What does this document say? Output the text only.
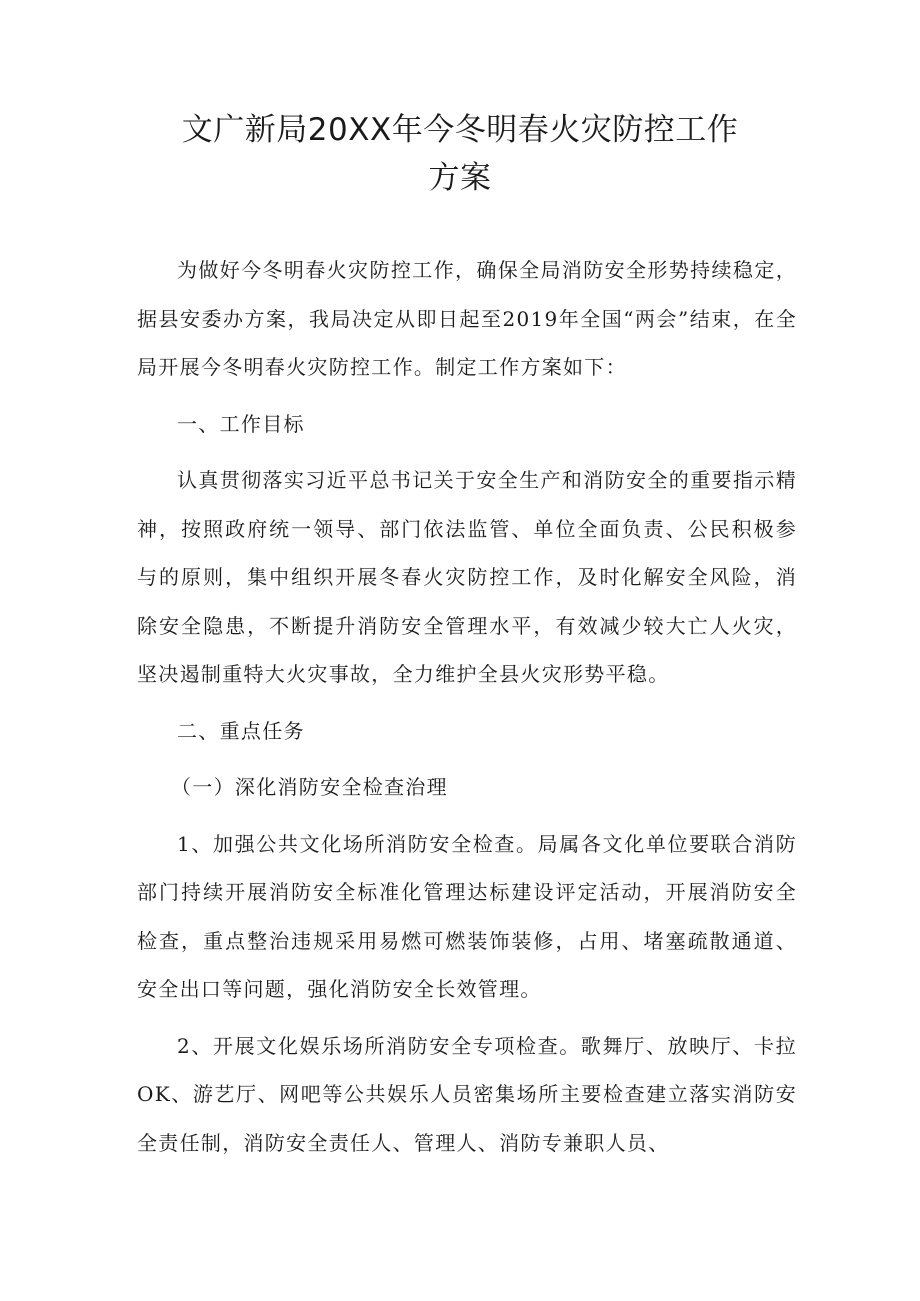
文广新局20XX年今冬明春火灾防控工作
方案

为做好今冬明春火灾防控工作，确保全局消防安全形势持续稳定，据县安委办方案，我局决定从即日起至2019年全国“两会”结束，在全局开展今冬明春火灾防控工作。制定工作方案如下：

一、工作目标

认真贯彻落实习近平总书记关于安全生产和消防安全的重要指示精神，按照政府统一领导、部门依法监管、单位全面负责、公民积极参与的原则，集中组织开展冬春火灾防控工作，及时化解安全风险，消除安全隐患，不断提升消防安全管理水平，有效减少较大亡人火灾，坚决遏制重特大火灾事故，全力维护全县火灾形势平稳。

二、重点任务

（一）深化消防安全检查治理

1、加强公共文化场所消防安全检查。局属各文化单位要联合消防部门持续开展消防安全标准化管理达标建设评定活动，开展消防安全检查，重点整治违规采用易燃可燃装饰装修，占用、堵塞疏散通道、安全出口等问题，强化消防安全长效管理。

2、开展文化娱乐场所消防安全专项检查。歌舞厅、放映厅、卡拉OK、游艺厅、网吧等公共娱乐人员密集场所主要检查建立落实消防安全责任制，消防安全责任人、管理人、消防专兼职人员、
